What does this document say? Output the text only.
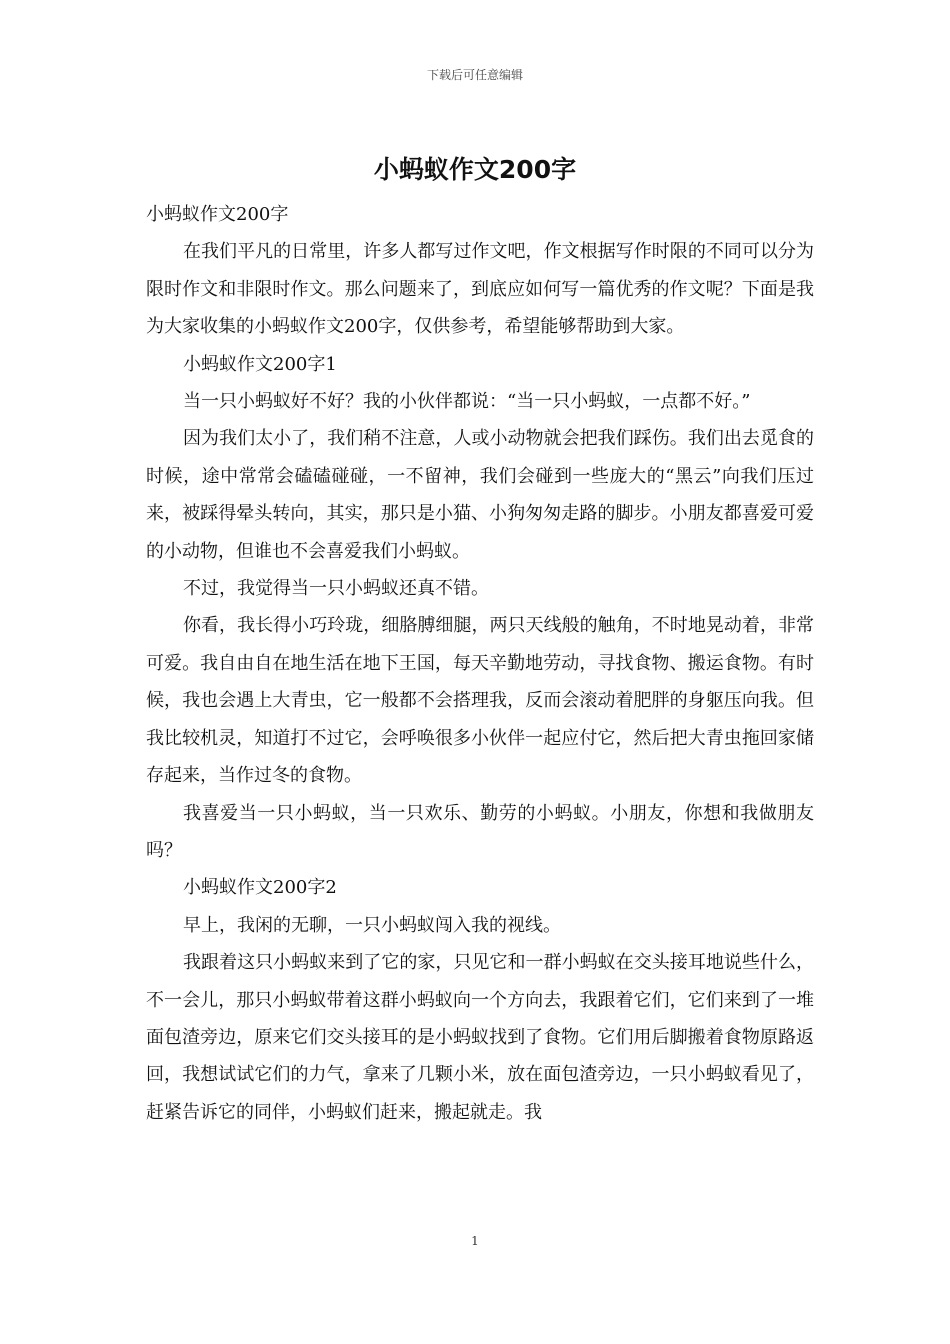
下载后可任意编辑
小蚂蚁作文200字

小蚂蚁作文200字

在我们平凡的日常里，许多人都写过作文吧，作文根据写作时限的不同可以分为限时作文和非限时作文。那么问题来了，到底应如何写一篇优秀的作文呢？下面是我为大家收集的小蚂蚁作文200字，仅供参考，希望能够帮助到大家。

小蚂蚁作文200字1

当一只小蚂蚁好不好？我的小伙伴都说：“当一只小蚂蚁，一点都不好。”

因为我们太小了，我们稍不注意，人或小动物就会把我们踩伤。我们出去觅食的时候，途中常常会磕磕碰碰，一不留神，我们会碰到一些庞大的“黑云”向我们压过来，被踩得晕头转向，其实，那只是小猫、小狗匆匆走路的脚步。小朋友都喜爱可爱的小动物，但谁也不会喜爱我们小蚂蚁。

不过，我觉得当一只小蚂蚁还真不错。

你看，我长得小巧玲珑，细胳膊细腿，两只天线般的触角，不时地晃动着，非常可爱。我自由自在地生活在地下王国，每天辛勤地劳动，寻找食物、搬运食物。有时候，我也会遇上大青虫，它一般都不会搭理我，反而会滚动着肥胖的身躯压向我。但我比较机灵，知道打不过它，会呼唤很多小伙伴一起应付它，然后把大青虫拖回家储存起来，当作过冬的食物。

我喜爱当一只小蚂蚁，当一只欢乐、勤劳的小蚂蚁。小朋友，你想和我做朋友吗？

小蚂蚁作文200字2

早上，我闲的无聊，一只小蚂蚁闯入我的视线。

我跟着这只小蚂蚁来到了它的家，只见它和一群小蚂蚁在交头接耳地说些什么，不一会儿，那只小蚂蚁带着这群小蚂蚁向一个方向去，我跟着它们，它们来到了一堆面包渣旁边，原来它们交头接耳的是小蚂蚁找到了食物。它们用后脚搬着食物原路返回，我想试试它们的力气，拿来了几颗小米，放在面包渣旁边，一只小蚂蚁看见了，赶紧告诉它的同伴，小蚂蚁们赶来，搬起就走。我

1
